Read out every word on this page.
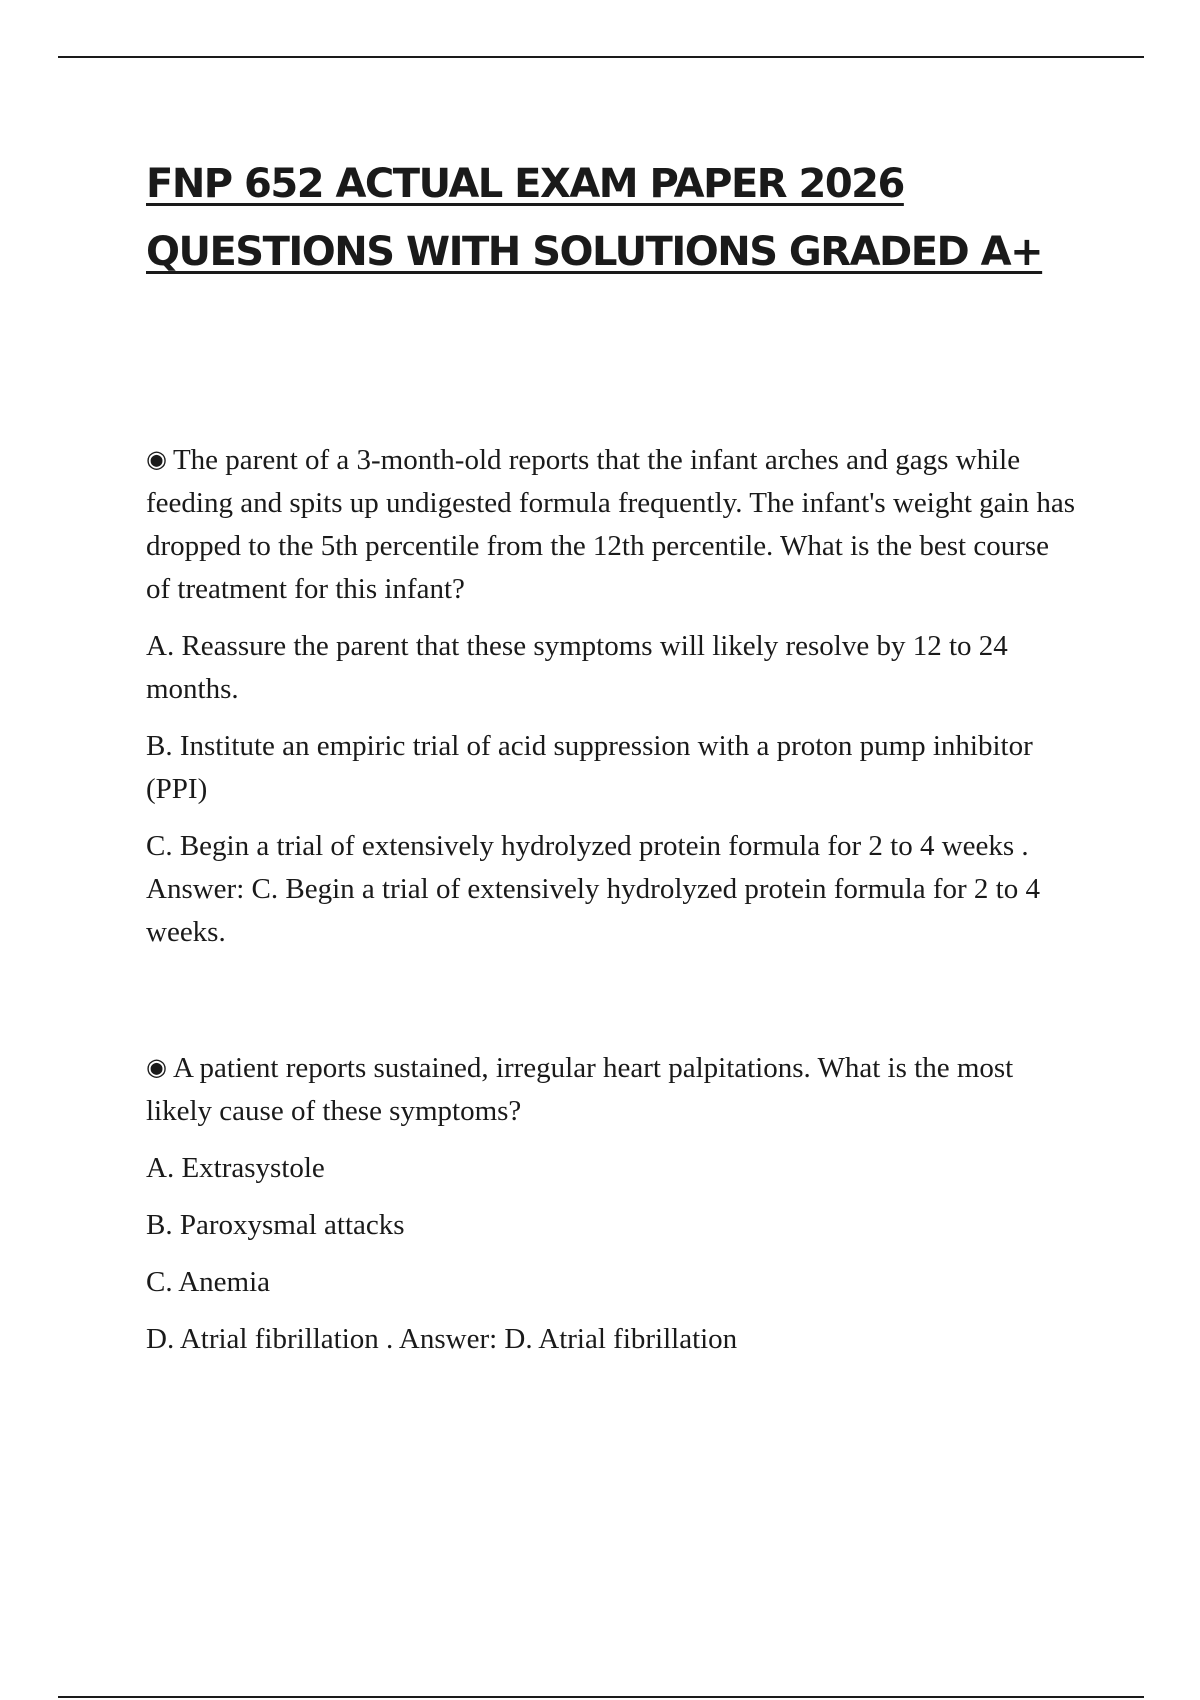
FNP 652 ACTUAL EXAM PAPER 2026
QUESTIONS WITH SOLUTIONS GRADED A+

◉ The parent of a 3-month-old reports that the infant arches and gags while feeding and spits up undigested formula frequently. The infant's weight gain has dropped to the 5th percentile from the 12th percentile. What is the best course of treatment for this infant?

A. Reassure the parent that these symptoms will likely resolve by 12 to 24 months.

B. Institute an empiric trial of acid suppression with a proton pump inhibitor (PPI)

C. Begin a trial of extensively hydrolyzed protein formula for 2 to 4 weeks . Answer: C. Begin a trial of extensively hydrolyzed protein formula for 2 to 4 weeks.

◉ A patient reports sustained, irregular heart palpitations. What is the most likely cause of these symptoms?

A. Extrasystole

B. Paroxysmal attacks

C. Anemia

D. Atrial fibrillation . Answer: D. Atrial fibrillation
